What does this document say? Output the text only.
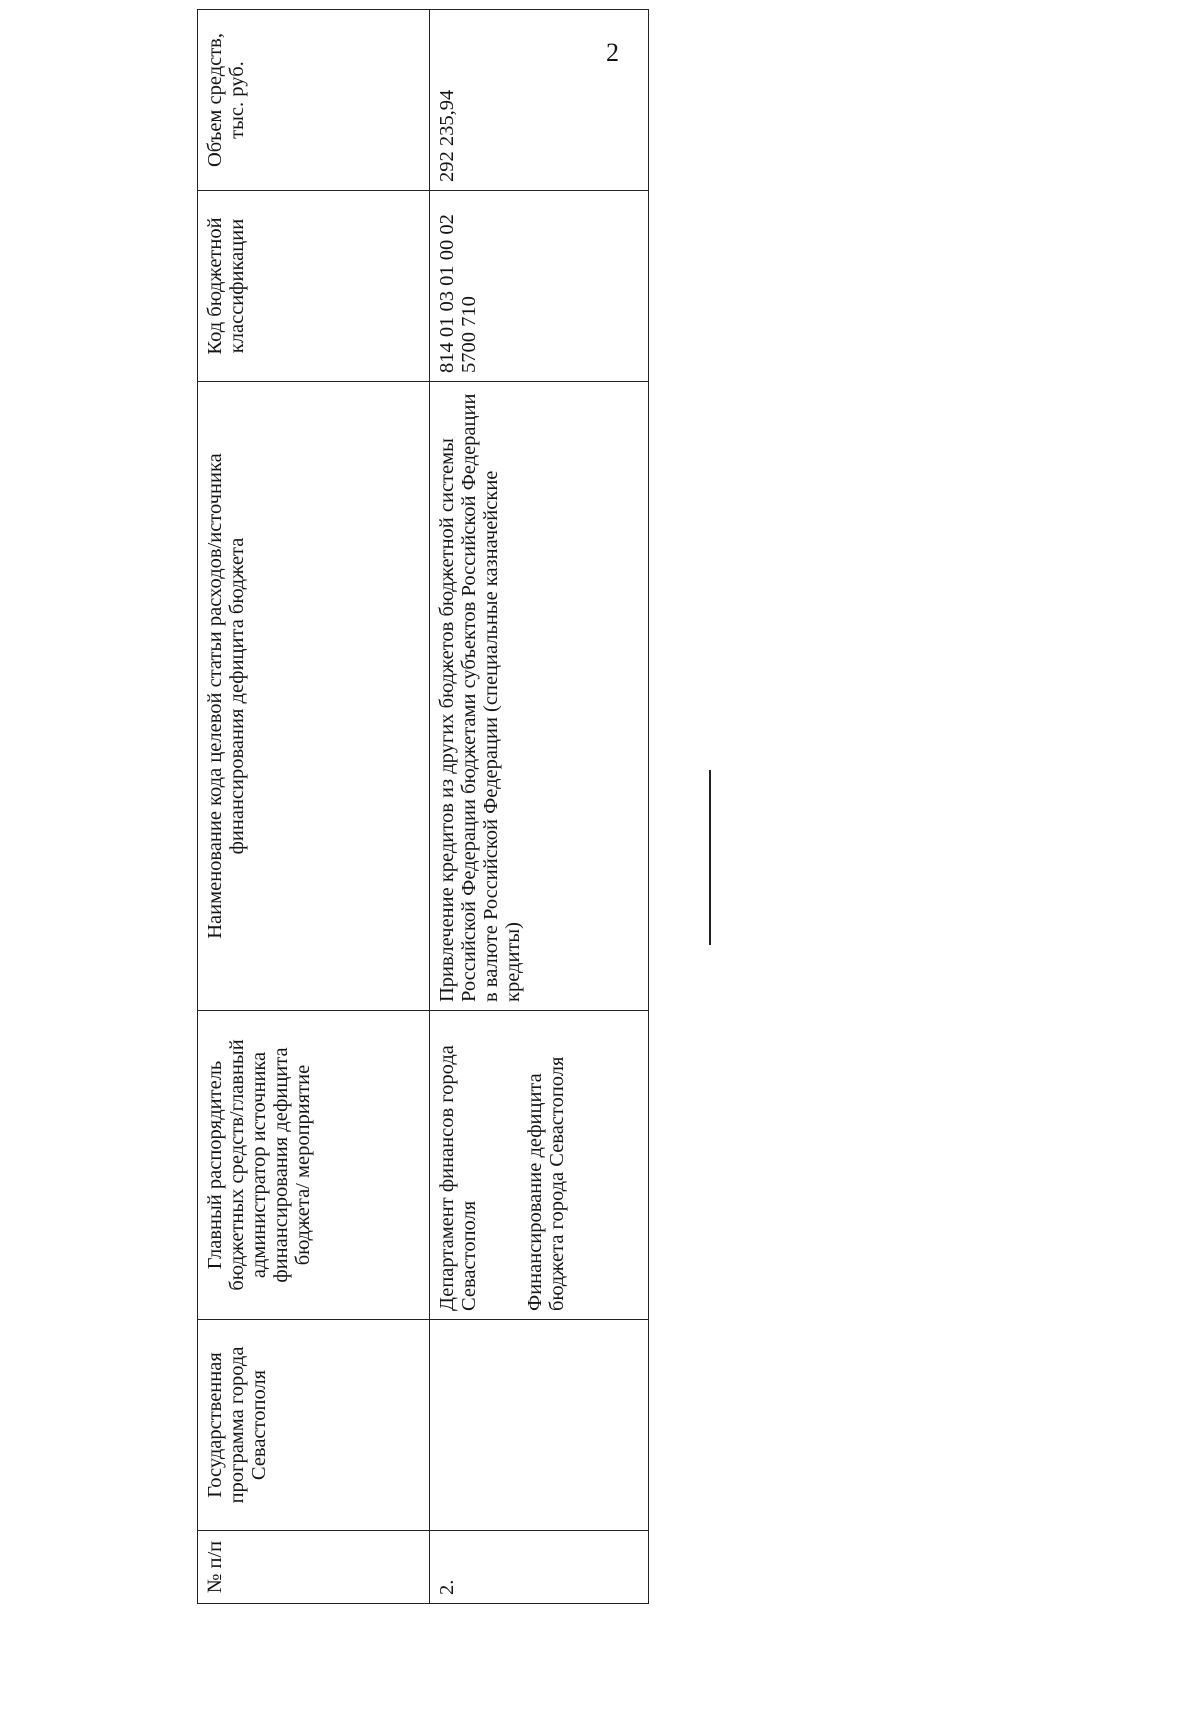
2
№ п/п	Государственная программа города Севастополя	Главный распорядитель бюджетных средств/главный администратор источника финансирования дефицита бюджета/ мероприятие	Наименование кода целевой статьи расходов/источника финансирования дефицита бюджета	Код бюджетной классификации	Объем средств, тыс. руб.
2.		Департамент финансов города Севастополя Финансирование дефицита бюджета города Севастополя	Привлечение кредитов из других бюджетов бюджетной системы Российской Федерации бюджетами субъектов Российской Федерации в валюте Российской Федерации (специальные казначейские кредиты)	814 01 03 01 00 02 5700 710	292 235,94
